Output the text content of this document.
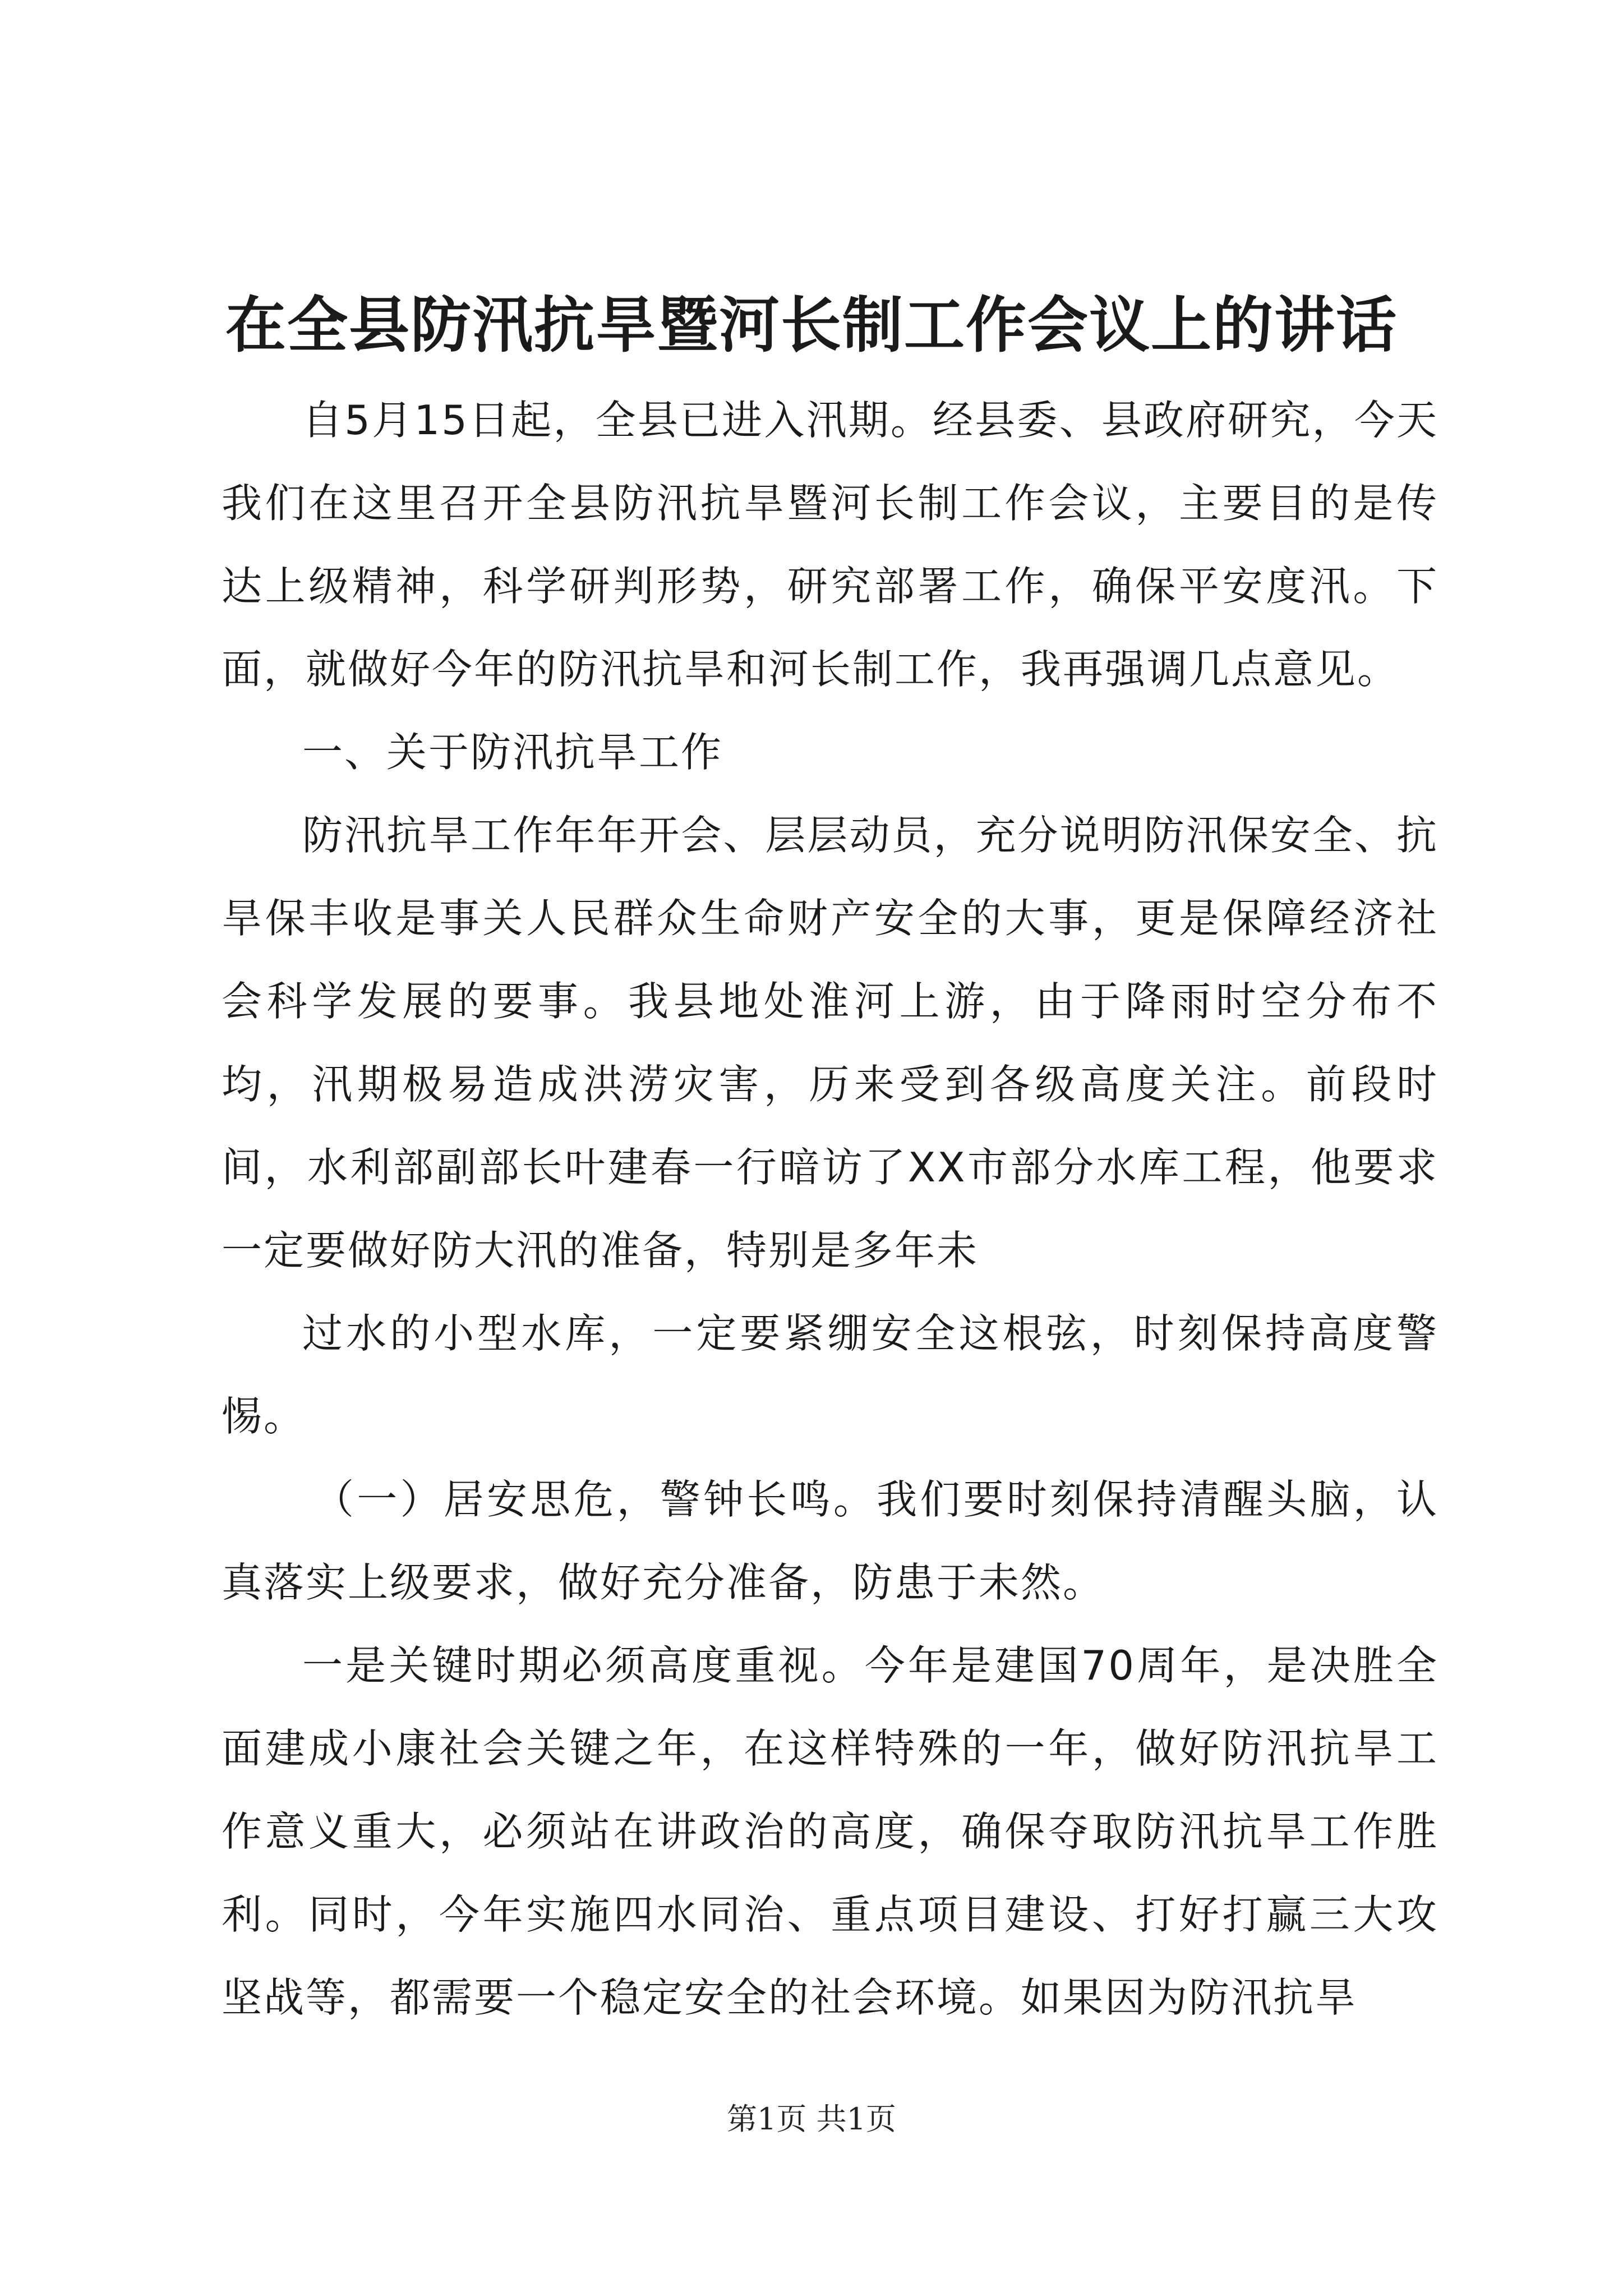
在全县防汛抗旱暨河长制工作会议上的讲话

自5月15日起，全县已进入汛期。经县委、县政府研究，今天我们在这里召开全县防汛抗旱暨河长制工作会议，主要目的是传达上级精神，科学研判形势，研究部署工作，确保平安度汛。下面，就做好今年的防汛抗旱和河长制工作，我再强调几点意见。

一、关于防汛抗旱工作

防汛抗旱工作年年开会、层层动员，充分说明防汛保安全、抗旱保丰收是事关人民群众生命财产安全的大事，更是保障经济社会科学发展的要事。我县地处淮河上游，由于降雨时空分布不均，汛期极易造成洪涝灾害，历来受到各级高度关注。前段时间，水利部副部长叶建春一行暗访了XX市部分水库工程，他要求一定要做好防大汛的准备，特别是多年未

过水的小型水库，一定要紧绷安全这根弦，时刻保持高度警惕。

（一）居安思危，警钟长鸣。我们要时刻保持清醒头脑，认真落实上级要求，做好充分准备，防患于未然。

一是关键时期必须高度重视。今年是建国70周年，是决胜全面建成小康社会关键之年，在这样特殊的一年，做好防汛抗旱工作意义重大，必须站在讲政治的高度，确保夺取防汛抗旱工作胜利。同时，今年实施四水同治、重点项目建设、打好打赢三大攻坚战等，都需要一个稳定安全的社会环境。如果因为防汛抗旱

第1页 共1页
